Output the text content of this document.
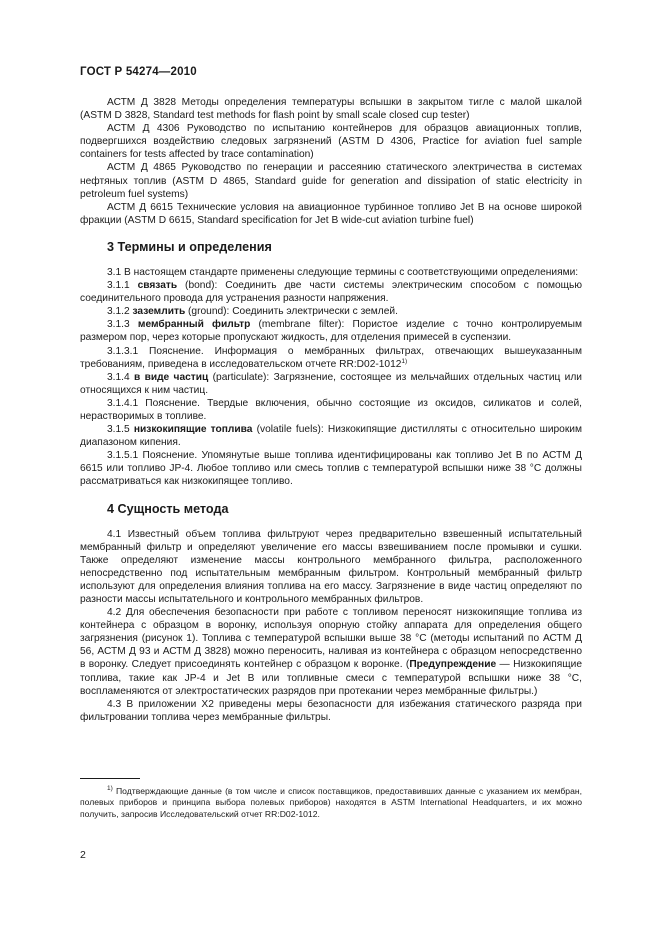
ГОСТ Р 54274—2010

АСТМ Д 3828 Методы определения температуры вспышки в закрытом тигле с малой шкалой (ASTM D 3828, Standard test methods for flash point by small scale closed cup tester)

АСТМ Д 4306 Руководство по испытанию контейнеров для образцов авиационных топлив, подвергшихся воздействию следовых загрязнений (ASTM D 4306, Practice for aviation fuel sample containers for tests affected by trace contamination)

АСТМ Д 4865 Руководство по генерации и рассеянию статического электричества в системах нефтяных топлив (ASTM D 4865, Standard guide for generation and dissipation of static electricity in petroleum fuel systems)

АСТМ Д 6615 Технические условия на авиационное турбинное топливо Jet B на основе широкой фракции (ASTM D 6615, Standard specification for Jet B wide-cut aviation turbine fuel)

3 Термины и определения

3.1 В настоящем стандарте применены следующие термины с соответствующими определениями:

3.1.1 связать (bond): Соединить две части системы электрическим способом с помощью соединительного провода для устранения разности напряжения.

3.1.2 заземлить (ground): Соединить электрически с землей.

3.1.3 мембранный фильтр (membrane filter): Пористое изделие с точно контролируемым размером пор, через которые пропускают жидкость, для отделения примесей в суспензии.

3.1.3.1 Пояснение. Информация о мембранных фильтрах, отвечающих вышеуказанным требованиям, приведена в исследовательском отчете RR:D02-1012$^{1)}$

3.1.4 в виде частиц (particulate): Загрязнение, состоящее из мельчайших отдельных частиц или относящихся к ним частиц.

3.1.4.1 Пояснение. Твердые включения, обычно состоящие из оксидов, силикатов и солей, нерастворимых в топливе.

3.1.5 низкокипящие топлива (volatile fuels): Низкокипящие дистилляты с относительно широким диапазоном кипения.

3.1.5.1 Пояснение. Упомянутые выше топлива идентифицированы как топливо Jet B по АСТМ Д 6615 или топливо JP-4. Любое топливо или смесь топлив с температурой вспышки ниже 38 °С должны рассматриваться как низкокипящее топливо.

4 Сущность метода

4.1 Известный объем топлива фильтруют через предварительно взвешенный испытательный мембранный фильтр и определяют увеличение его массы взвешиванием после промывки и сушки. Также определяют изменение массы контрольного мембранного фильтра, расположенного непосредственно под испытательным мембранным фильтром. Контрольный мембранный фильтр используют для определения влияния топлива на его массу. Загрязнение в виде частиц определяют по разности массы испытательного и контрольного мембранных фильтров.

4.2 Для обеспечения безопасности при работе с топливом переносят низкокипящие топлива из контейнера с образцом в воронку, используя опорную стойку аппарата для определения общего загрязнения (рисунок 1). Топлива с температурой вспышки выше 38 °С (методы испытаний по АСТМ Д 56, АСТМ Д 93 и АСТМ Д 3828) можно переносить, наливая из контейнера с образцом непосредственно в воронку. Следует присоединять контейнер с образцом к воронке. (Предупреждение — Низкокипящие топлива, такие как JP-4 и Jet B или топливные смеси с температурой вспышки ниже 38 °С, воспламеняются от электростатических разрядов при протекании через мембранные фильтры.)

4.3 В приложении Х2 приведены меры безопасности для избежания статического разряда при фильтровании топлива через мембранные фильтры.

$^{1)}$ Подтверждающие данные (в том числе и список поставщиков, предоставивших данные с указанием их мембран, полевых приборов и принципа выбора полевых приборов) находятся в ASTM International Headquarters, и их можно получить, запросив Исследовательский отчет RR:D02-1012.

2
